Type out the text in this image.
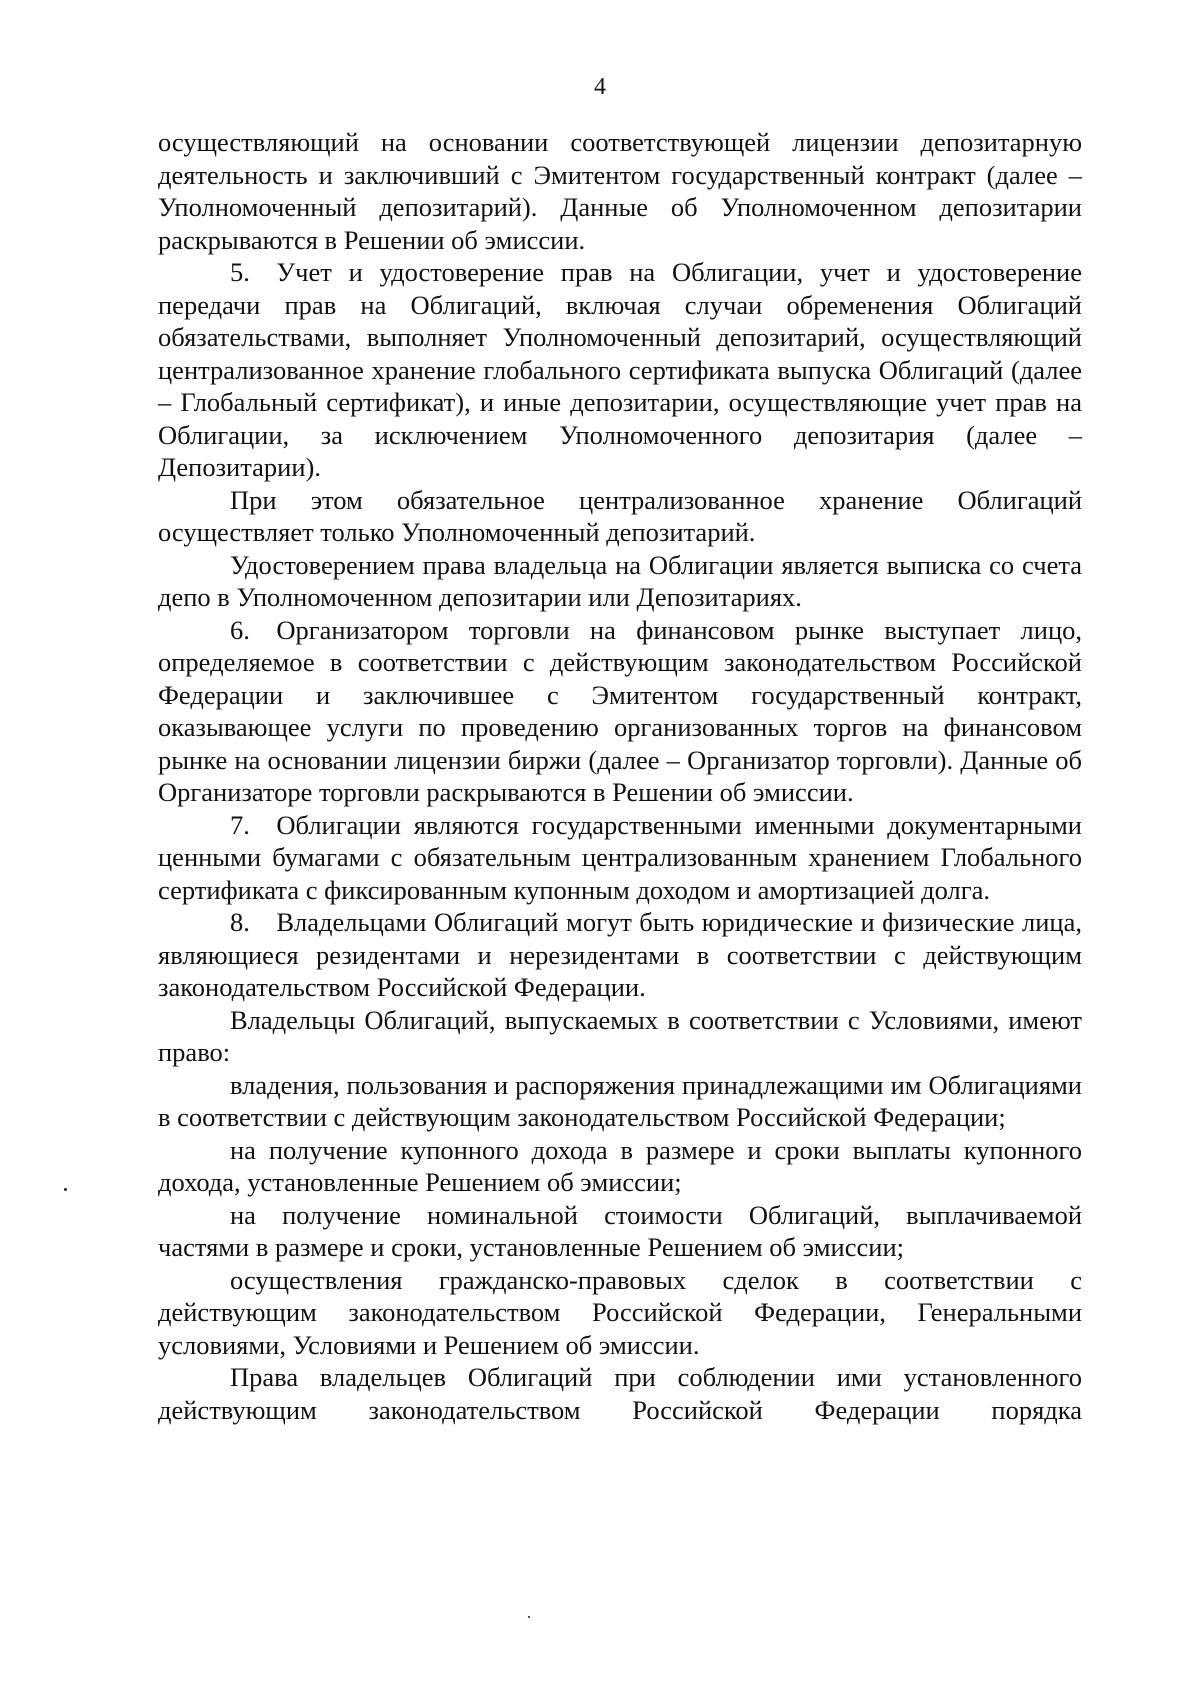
4

осуществляющий на основании соответствующей лицензии депозитарную деятельность и заключивший с Эмитентом государственный контракт (далее – Уполномоченный депозитарий). Данные об Уполномоченном депозитарии раскрываются в Решении об эмиссии.

5. Учет и удостоверение прав на Облигации, учет и удостоверение передачи прав на Облигаций, включая случаи обременения Облигаций обязательствами, выполняет Уполномоченный депозитарий, осуществляющий централизованное хранение глобального сертификата выпуска Облигаций (далее – Глобальный сертификат), и иные депозитарии, осуществляющие учет прав на Облигации, за исключением Уполномоченного депозитария (далее – Депозитарии).

При этом обязательное централизованное хранение Облигаций осуществляет только Уполномоченный депозитарий.

Удостоверением права владельца на Облигации является выписка со счета депо в Уполномоченном депозитарии или Депозитариях.

6. Организатором торговли на финансовом рынке выступает лицо, определяемое в соответствии с действующим законодательством Российской Федерации и заключившее с Эмитентом государственный контракт, оказывающее услуги по проведению организованных торгов на финансовом рынке на основании лицензии биржи (далее – Организатор торговли). Данные об Организаторе торговли раскрываются в Решении об эмиссии.

7. Облигации являются государственными именными документарными ценными бумагами с обязательным централизованным хранением Глобального сертификата с фиксированным купонным доходом и амортизацией долга.

8. Владельцами Облигаций могут быть юридические и физические лица, являющиеся резидентами и нерезидентами в соответствии с действующим законодательством Российской Федерации.

Владельцы Облигаций, выпускаемых в соответствии с Условиями, имеют право:

владения, пользования и распоряжения принадлежащими им Облигациями в соответствии с действующим законодательством Российской Федерации;

на получение купонного дохода в размере и сроки выплаты купонного дохода, установленные Решением об эмиссии;

на получение номинальной стоимости Облигаций, выплачиваемой частями в размере и сроки, установленные Решением об эмиссии;

осуществления гражданско-правовых сделок в соответствии с действующим законодательством Российской Федерации, Генеральными условиями, Условиями и Решением об эмиссии.

Права владельцев Облигаций при соблюдении ими установленного действующим законодательством Российской Федерации порядка
